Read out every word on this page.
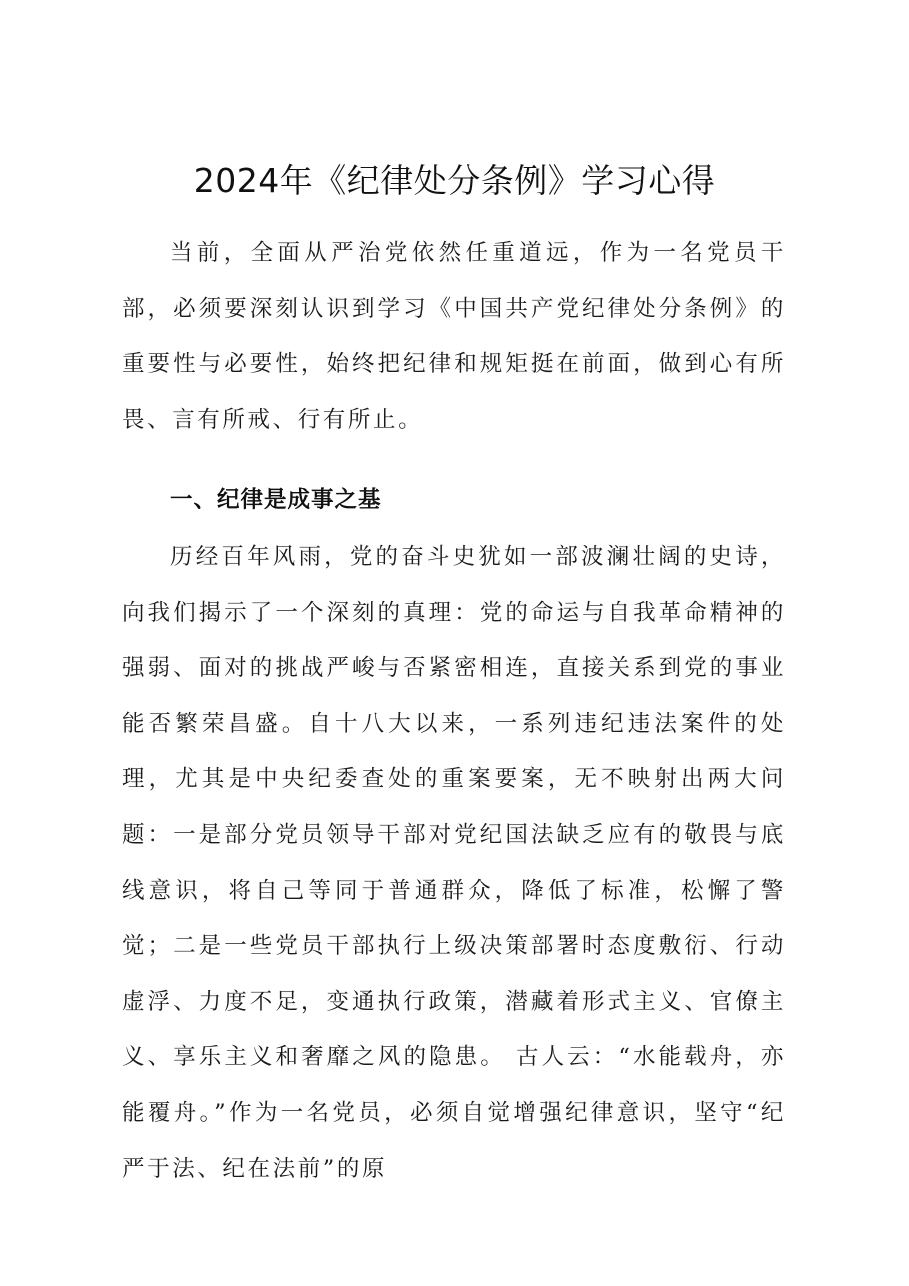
2024年《纪律处分条例》学习心得

当前，全面从严治党依然任重道远，作为一名党员干部，必须要深刻认识到学习《中国共产党纪律处分条例》的重要性与必要性，始终把纪律和规矩挺在前面，做到心有所畏、言有所戒、行有所止。

一、纪律是成事之基

历经百年风雨，党的奋斗史犹如一部波澜壮阔的史诗，向我们揭示了一个深刻的真理：党的命运与自我革命精神的强弱、面对的挑战严峻与否紧密相连，直接关系到党的事业能否繁荣昌盛。自十八大以来，一系列违纪违法案件的处理，尤其是中央纪委查处的重案要案，无不映射出两大问题：一是部分党员领导干部对党纪国法缺乏应有的敬畏与底线意识，将自己等同于普通群众，降低了标准，松懈了警觉；二是一些党员干部执行上级决策部署时态度敷衍、行动虚浮、力度不足，变通执行政策，潜藏着形式主义、官僚主义、享乐主义和奢靡之风的隐患。 古人云：“水能载舟，亦能覆舟。”作为一名党员，必须自觉增强纪律意识，坚守“纪严于法、纪在法前”的原
